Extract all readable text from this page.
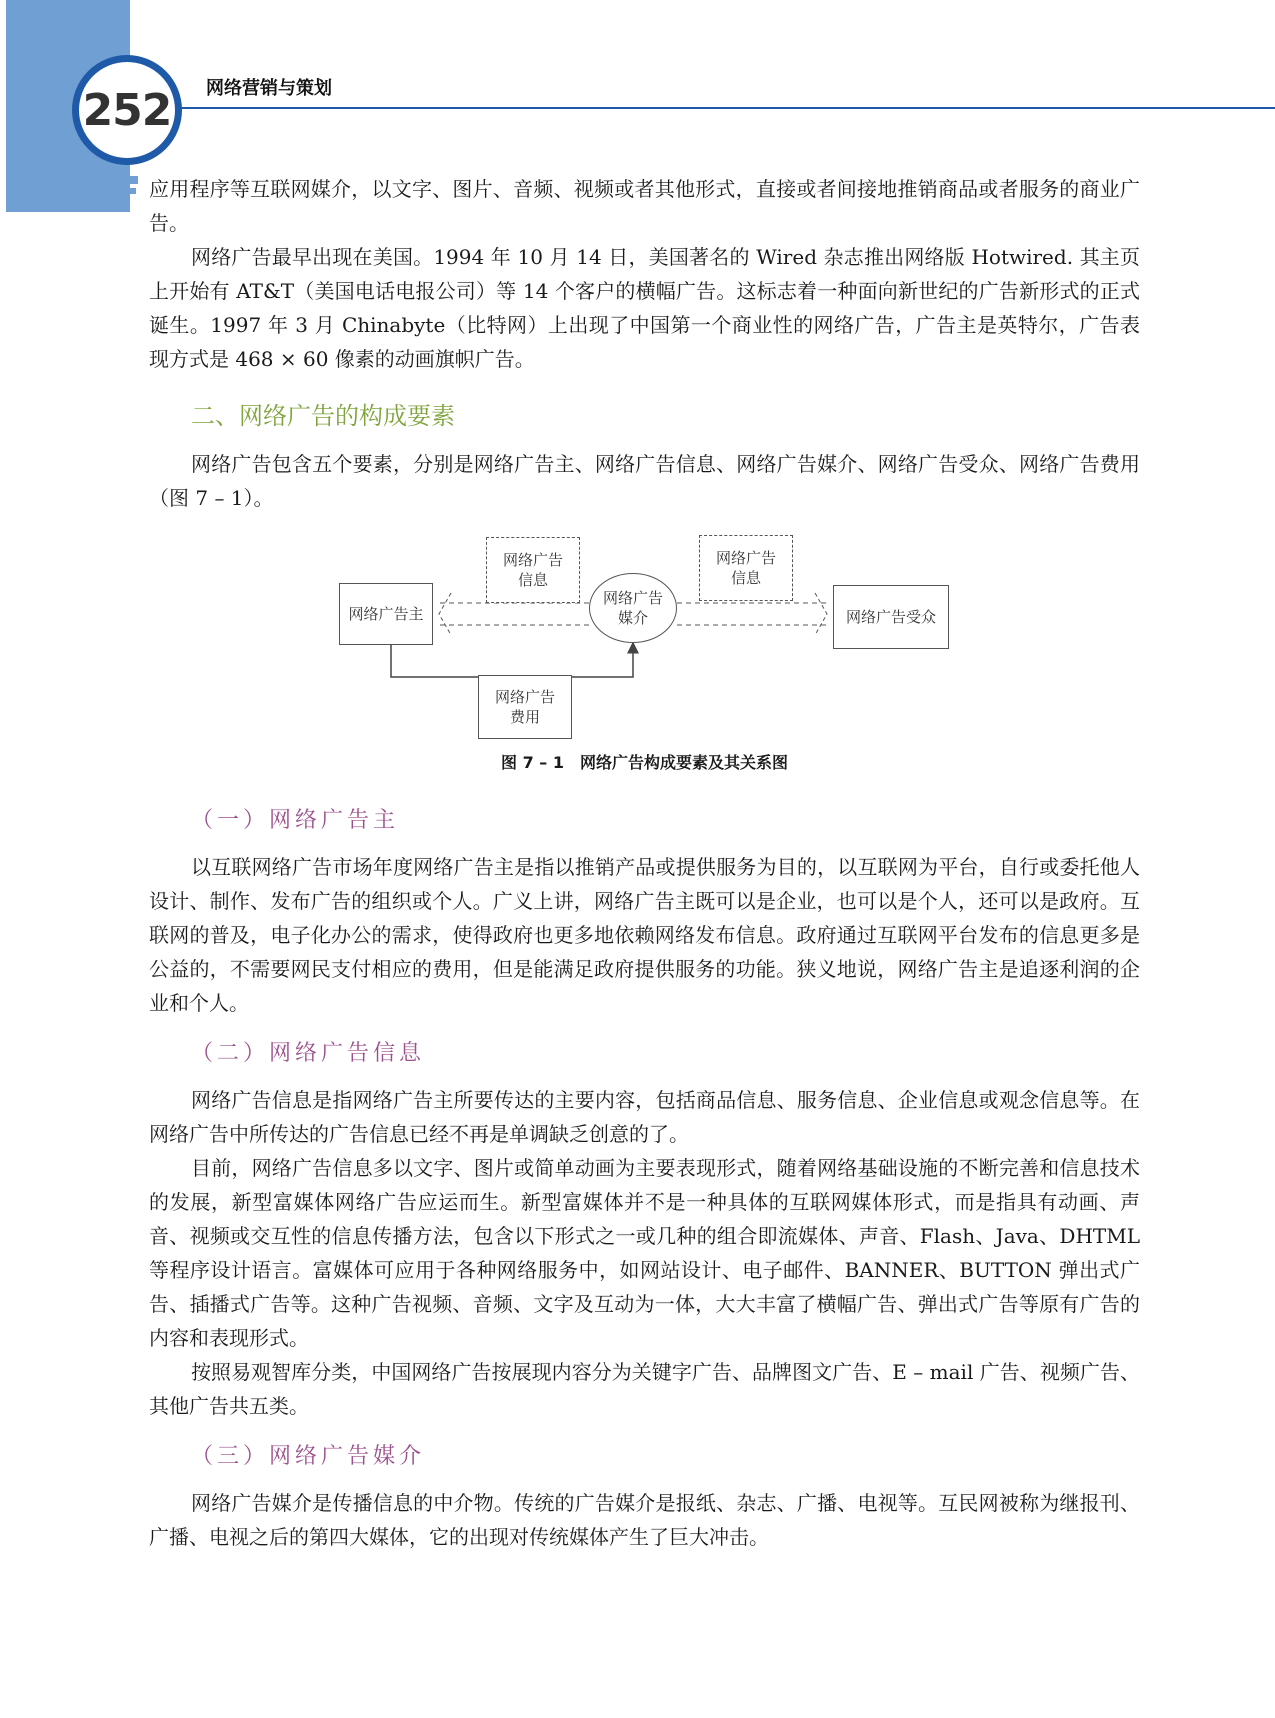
252 网络营销与策划

应用程序等互联网媒介，以文字、图片、音频、视频或者其他形式，直接或者间接地推销商品或者服务的商业广告。

网络广告最早出现在美国。1994 年 10 月 14 日，美国著名的 Wired 杂志推出网络版 Hotwired. 其主页上开始有 AT&T（美国电话电报公司）等 14 个客户的横幅广告。这标志着一种面向新世纪的广告新形式的正式诞生。1997 年 3 月 Chinabyte（比特网）上出现了中国第一个商业性的网络广告，广告主是英特尔，广告表现方式是 468 × 60 像素的动画旗帜广告。

二、网络广告的构成要素

网络广告包含五个要素，分别是网络广告主、网络广告信息、网络广告媒介、网络广告受众、网络广告费用（图 7 – 1）。

网络广告主
网络广告
信息
网络广告
媒介
网络广告
信息
网络广告受众
网络广告
费用
图 7 – 1　网络广告构成要素及其关系图
（一）网络广告主

以互联网络广告市场年度网络广告主是指以推销产品或提供服务为目的，以互联网为平台，自行或委托他人设计、制作、发布广告的组织或个人。广义上讲，网络广告主既可以是企业，也可以是个人，还可以是政府。互联网的普及，电子化办公的需求，使得政府也更多地依赖网络发布信息。政府通过互联网平台发布的信息更多是公益的，不需要网民支付相应的费用，但是能满足政府提供服务的功能。狭义地说，网络广告主是追逐利润的企业和个人。

（二）网络广告信息

网络广告信息是指网络广告主所要传达的主要内容，包括商品信息、服务信息、企业信息或观念信息等。在网络广告中所传达的广告信息已经不再是单调缺乏创意的了。

目前，网络广告信息多以文字、图片或简单动画为主要表现形式，随着网络基础设施的不断完善和信息技术的发展，新型富媒体网络广告应运而生。新型富媒体并不是一种具体的互联网媒体形式，而是指具有动画、声音、视频或交互性的信息传播方法，包含以下形式之一或几种的组合即流媒体、声音、Flash、Java、DHTML 等程序设计语言。富媒体可应用于各种网络服务中，如网站设计、电子邮件、BANNER、BUTTON 弹出式广告、插播式广告等。这种广告视频、音频、文字及互动为一体，大大丰富了横幅广告、弹出式广告等原有广告的内容和表现形式。

按照易观智库分类，中国网络广告按展现内容分为关键字广告、品牌图文广告、E – mail 广告、视频广告、其他广告共五类。

（三）网络广告媒介

网络广告媒介是传播信息的中介物。传统的广告媒介是报纸、杂志、广播、电视等。互民网被称为继报刊、广播、电视之后的第四大媒体，它的出现对传统媒体产生了巨大冲击。
